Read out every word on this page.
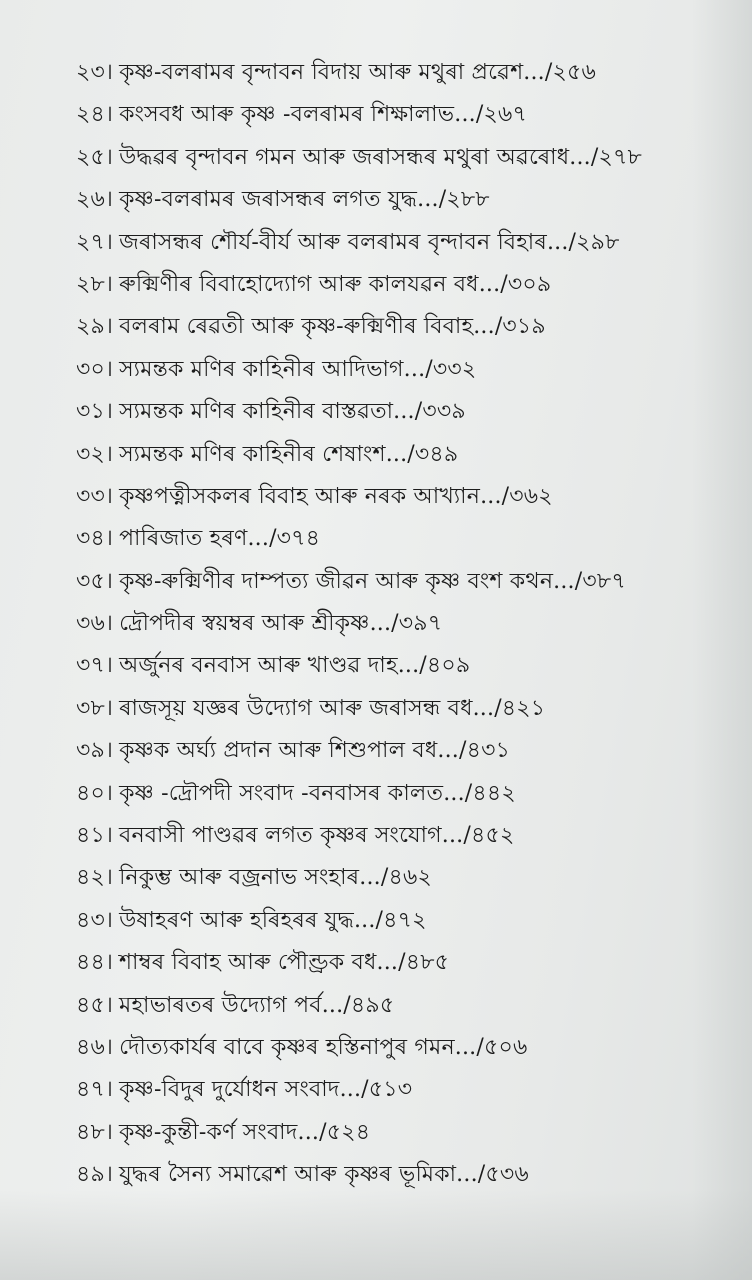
২৩। কৃষ্ণ-বলৰামৰ বৃন্দাবন বিদায় আৰু মথুৰা প্ৰৱেশ.../২৫৬
২৪। কংসবধ আৰু কৃষ্ণ -বলৰামৰ শিক্ষালাভ.../২৬৭
২৫। উদ্ধৱৰ বৃন্দাবন গমন আৰু জৰাসন্ধৰ মথুৰা অৱৰোধ.../২৭৮
২৬। কৃষ্ণ-বলৰামৰ জৰাসন্ধৰ লগত যুদ্ধ.../২৮৮
২৭। জৰাসন্ধৰ শৌৰ্য-বীৰ্য আৰু বলৰামৰ বৃন্দাবন বিহাৰ.../২৯৮
২৮। ৰুক্মিণীৰ বিবাহোদ্যোগ আৰু কালযৱন বধ.../৩০৯
২৯। বলৰাম ৰেৱতী আৰু কৃষ্ণ-ৰুক্মিণীৰ বিবাহ.../৩১৯
৩০। স্যমন্তক মণিৰ কাহিনীৰ আদিভাগ.../৩৩২
৩১। স্যমন্তক মণিৰ কাহিনীৰ বাস্তৱতা.../৩৩৯
৩২। স্যমন্তক মণিৰ কাহিনীৰ শেষাংশ.../৩৪৯
৩৩। কৃষ্ণপত্নীসকলৰ বিবাহ আৰু নৰক আখ্যান.../৩৬২
৩৪। পাৰিজাত হৰণ.../৩৭৪
৩৫। কৃষ্ণ-ৰুক্মিণীৰ দাম্পত্য জীৱন আৰু কৃষ্ণ বংশ কথন.../৩৮৭
৩৬। দ্ৰৌপদীৰ স্বয়ম্বৰ আৰু শ্ৰীকৃষ্ণ.../৩৯৭
৩৭। অৰ্জুনৰ বনবাস আৰু খাণ্ডৱ দাহ.../৪০৯
৩৮। ৰাজসূয় যজ্ঞৰ উদ্যোগ আৰু জৰাসন্ধ বধ.../৪২১
৩৯। কৃষ্ণক অৰ্ঘ্য প্ৰদান আৰু শিশুপাল বধ.../৪৩১
৪০। কৃষ্ণ -দ্ৰৌপদী সংবাদ -বনবাসৰ কালত.../৪৪২
৪১। বনবাসী পাণ্ডৱৰ লগত কৃষ্ণৰ সংযোগ.../৪৫২
৪২। নিকুম্ভ আৰু বজ্ৰনাভ সংহাৰ.../৪৬২
৪৩। উষাহৰণ আৰু হৰিহৰৰ যুদ্ধ.../৪৭২
৪৪। শাম্বৰ বিবাহ আৰু পৌণ্ড্ৰক বধ.../৪৮৫
৪৫। মহাভাৰতৰ উদ্যোগ পৰ্ব.../৪৯৫
৪৬। দৌত্যকাৰ্যৰ বাবে কৃষ্ণৰ হস্তিনাপুৰ গমন.../৫০৬
৪৭। কৃষ্ণ-বিদুৰ দুৰ্যোধন সংবাদ.../৫১৩
৪৮। কৃষ্ণ-কুন্তী-কৰ্ণ সংবাদ.../৫২৪
৪৯। যুদ্ধৰ সৈন্য সমাৱেশ আৰু কৃষ্ণৰ ভূমিকা.../৫৩৬
